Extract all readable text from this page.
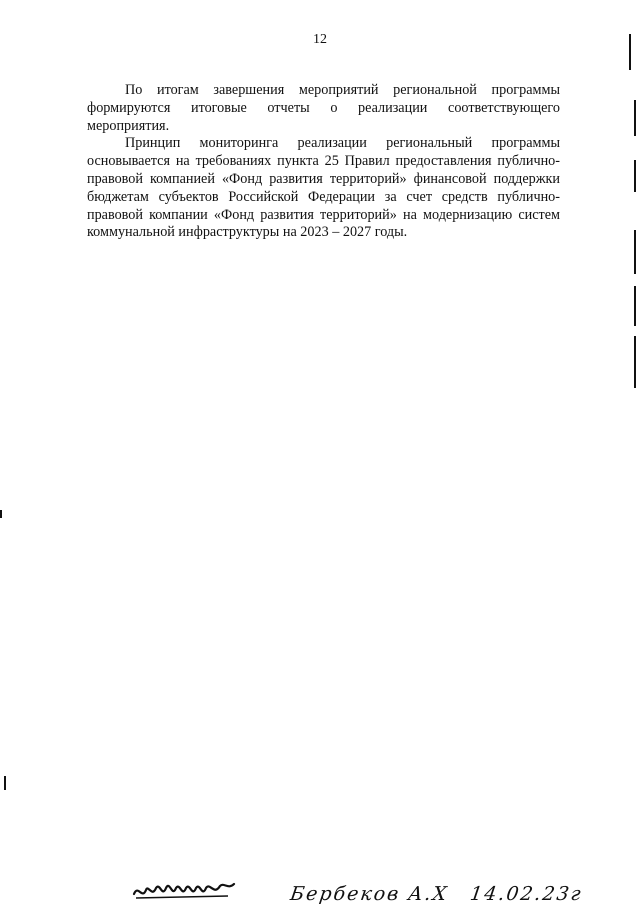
12

По итогам завершения мероприятий региональной программы формируются итоговые отчеты о реализации соответствующего мероприятия.

Принцип мониторинга реализации региональный программы основывается на требованиях пункта 25 Правил предоставления публично-правовой компанией «Фонд развития территорий» финансовой поддержки бюджетам субъектов Российской Федерации за счет средств публично-правовой компании «Фонд развития территорий» на модернизацию систем коммунальной инфраструктуры на 2023 – 2027 годы.

Бербеков А.Х 14.02.23г
